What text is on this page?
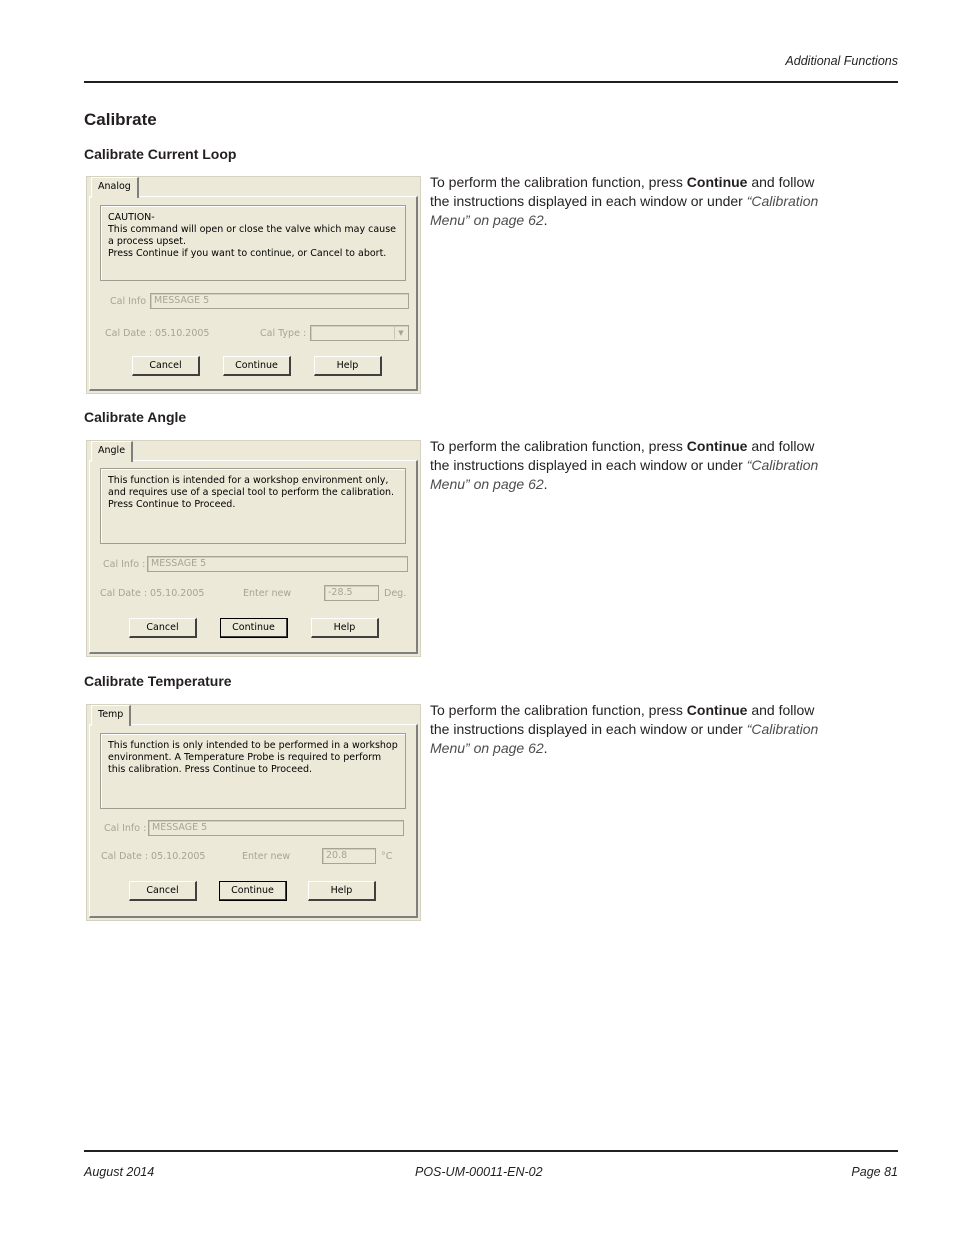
Additional Functions
Calibrate
Calibrate Current Loop
To perform the calibration function, press Continue and follow the instructions displayed in each window or under “Calibration Menu” on page 62.
Analog
CAUTION-
This command will open or close the valve which may cause a process upset.
Press Continue if you want to continue, or Cancel to abort.
Cal Info : MESSAGE 5
Cal Date : 05.10.2005	Cal Type :	▼
Cancel	Continue	Help
Calibrate Angle
To perform the calibration function, press Continue and follow the instructions displayed in each window or under “Calibration Menu” on page 62.
Angle
This function is intended for a workshop environment only, and requires use of a special tool to perform the calibration.
Press Continue to Proceed.
Cal Info : MESSAGE 5
Cal Date : 05.10.2005	Enter new	-28.5	Deg.
Cancel	Continue	Help
Calibrate Temperature
To perform the calibration function, press Continue and follow the instructions displayed in each window or under “Calibration Menu” on page 62.
Temp
This function is only intended to be performed in a workshop environment. A Temperature Probe is required to perform this calibration. Press Continue to Proceed.
Cal Info : MESSAGE 5
Cal Date : 05.10.2005	Enter new	20.8	°C
Cancel	Continue	Help
August 2014	POS-UM-00011-EN-02	Page 81
